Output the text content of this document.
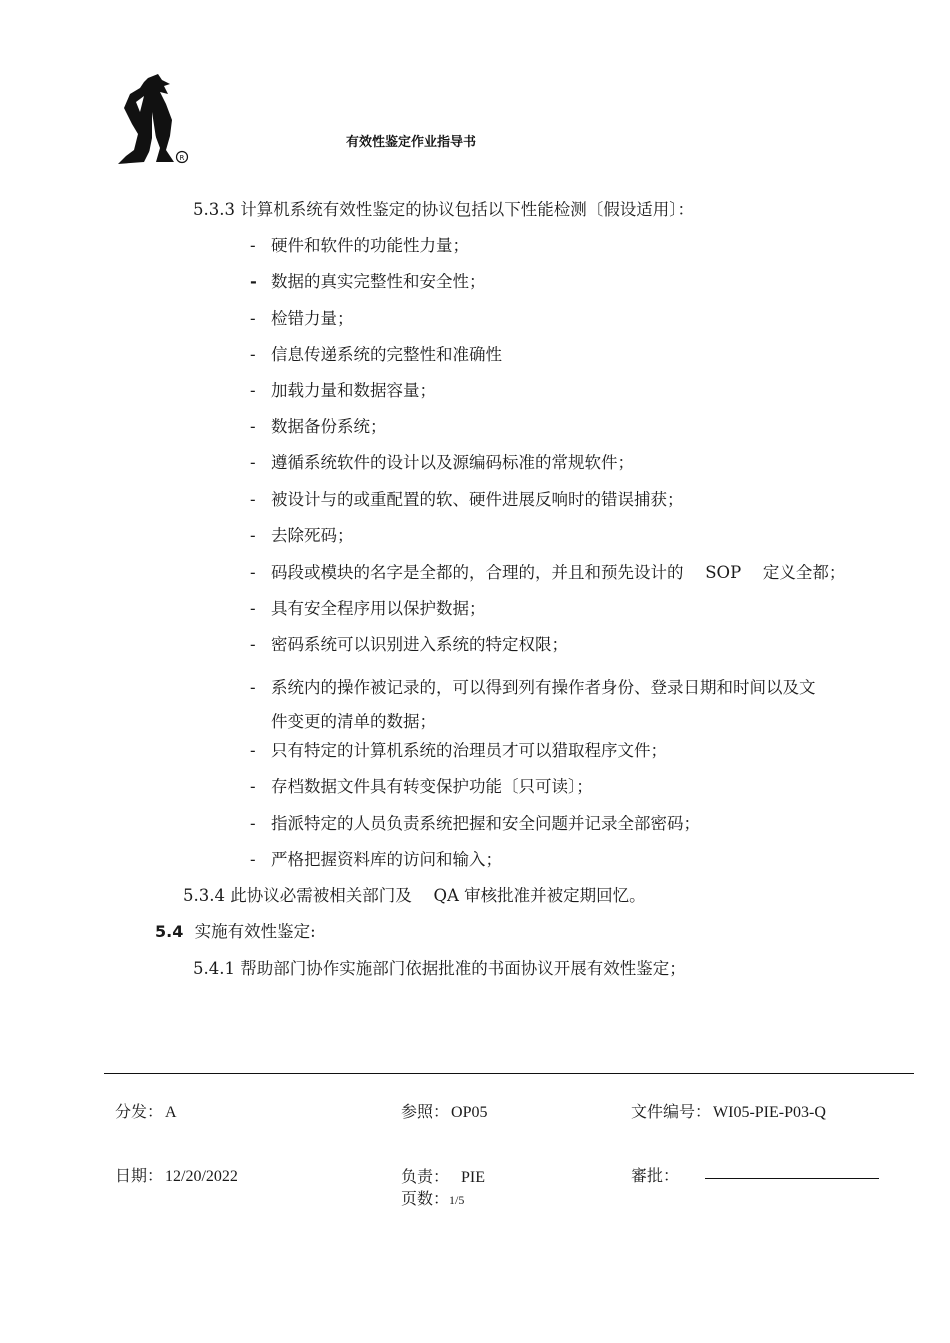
R
有效性鉴定作业指导书
5.3.3 计算机系统有效性鉴定的协议包括以下性能检测〔假设适用〕：
- 硬件和软件的功能性力量；
- 数据的真实完整性和安全性；
- 检错力量；
- 信息传递系统的完整性和准确性
- 加载力量和数据容量；
- 数据备份系统；
- 遵循系统软件的设计以及源编码标准的常规软件；
- 被设计与的或重配置的软、硬件进展反响时的错误捕获；
- 去除死码；
- 码段或模块的名字是全都的，合理的，并且和预先设计的　 SOP 　定义全都；
- 具有安全程序用以保护数据；
- 密码系统可以识别进入系统的特定权限；
- 系统内的操作被记录的，可以得到列有操作者身份、登录日期和时间以及文
件变更的清单的数据；
- 只有特定的计算机系统的治理员才可以猎取程序文件；
- 存档数据文件具有转变保护功能〔只可读〕；
- 指派特定的人员负责系统把握和安全问题并记录全部密码；
- 严格把握资料库的访问和输入；
5.3.4 此协议必需被相关部门及　 QA 审核批准并被定期回忆。
5.4 实施有效性鉴定:
5.4.1 帮助部门协作实施部门依据批准的书面协议开展有效性鉴定；
分发： A	参照： OP05	文件编号： WI05-PIE-P03-Q
日期： 12/20/2022	负责： PIE	審批：
页数：1/5
